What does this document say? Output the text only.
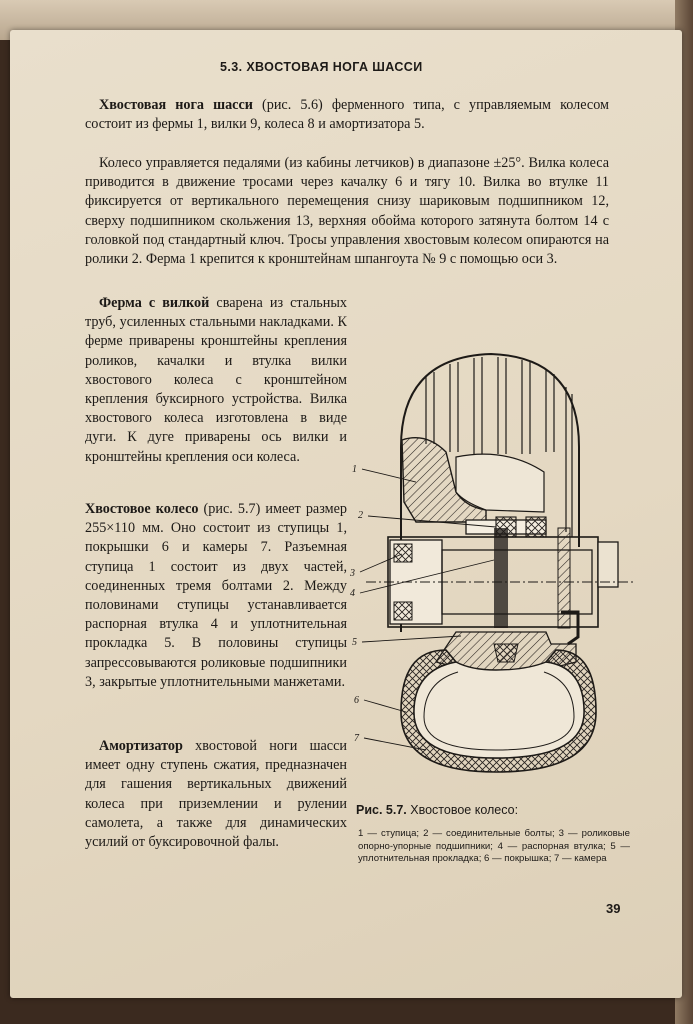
5.3. ХВОСТОВАЯ НОГА ШАССИ
Хвостовая нога шасси (рис. 5.6) ферменного типа, с управляемым колесом состоит из фермы 1, вилки 9, колеса 8 и амортизатора 5.
Колесо управляется педалями (из кабины летчиков) в диапазоне ±25°. Вилка колеса приводится в движение тросами через качалку 6 и тягу 10. Вилка во втулке 11 фиксируется от вертикального перемещения снизу шариковым подшипником 12, сверху подшипником скольжения 13, верхняя обойма которого затянута болтом 14 с головкой под стандартный ключ. Тросы управления хвостовым колесом опираются на ролики 2. Ферма 1 крепится к кронштейнам шпангоута № 9 с помощью оси 3.
Ферма с вилкой сварена из стальных труб, усиленных стальными накладками. К ферме приварены кронштейны крепления роликов, качалки и втулка вилки хвостового колеса с кронштейном крепления буксирного устройства. Вилка хвостового колеса изготовлена в виде дуги. К дуге приварены ось вилки и кронштейны крепления оси колеса.
Хвостовое колесо (рис. 5.7) имеет размер 255×110 мм. Оно состоит из ступицы 1, покрышки 6 и камеры 7. Разъемная ступица 1 состоит из двух частей, соединенных тремя болтами 2. Между половинами ступицы устанавливается распорная втулка 4 и уплотнительная прокладка 5. В половины ступицы запрессовываются роликовые подшипники 3, закрытые уплотнительными манжетами.
Амортизатор хвостовой ноги шасси имеет одну ступень сжатия, предназначен для гашения вертикальных движений колеса при приземлении и рулении самолета, а также для динамических усилий от буксировочной фалы.
1
2
3
4
5
6
7
Рис. 5.7. Хвостовое колесо:
1 — ступица; 2 — соединительные болты; 3 — роликовые опорно-упорные подшипники; 4 — распорная втулка; 5 — уплотнительная прокладка; 6 — покрышка; 7 — камера
39
